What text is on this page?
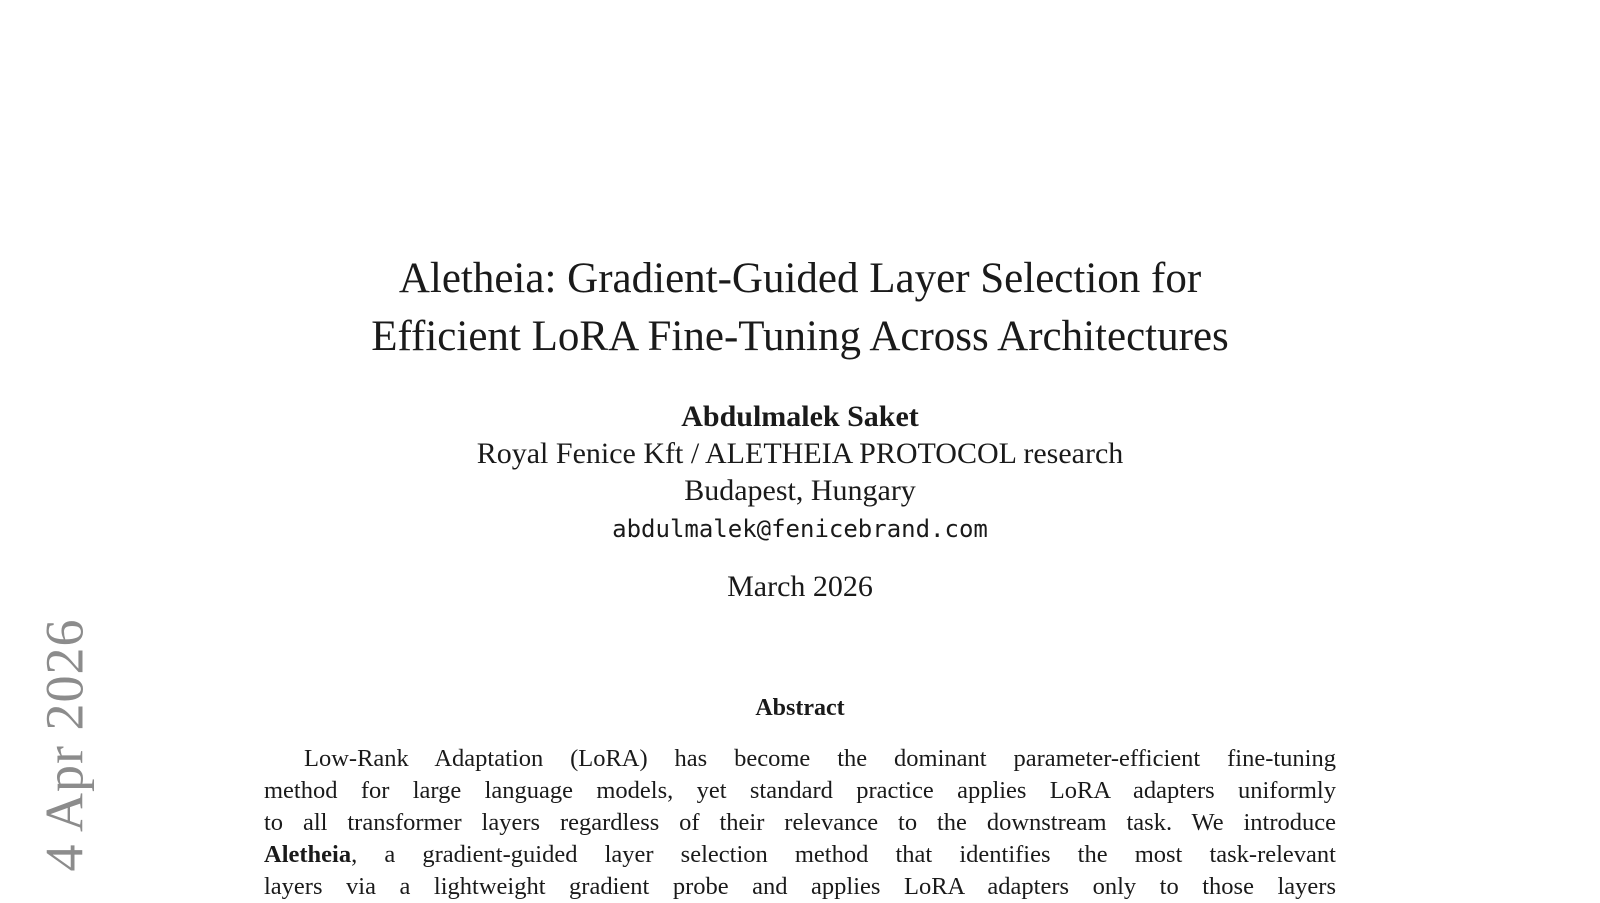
4 Apr 2026
Aletheia: Gradient-Guided Layer Selection for
Efficient LoRA Fine-Tuning Across Architectures
Abdulmalek Saket
Royal Fenice Kft / ALETHEIA PROTOCOL research
Budapest, Hungary
abdulmalek@fenicebrand.com
March 2026
Abstract
Low-Rank Adaptation (LoRA) has become the dominant parameter-efficient fine-tuning
method for large language models, yet standard practice applies LoRA adapters uniformly
to all transformer layers regardless of their relevance to the downstream task. We introduce
Aletheia, a gradient-guided layer selection method that identifies the most task-relevant
layers via a lightweight gradient probe and applies LoRA adapters only to those layers
